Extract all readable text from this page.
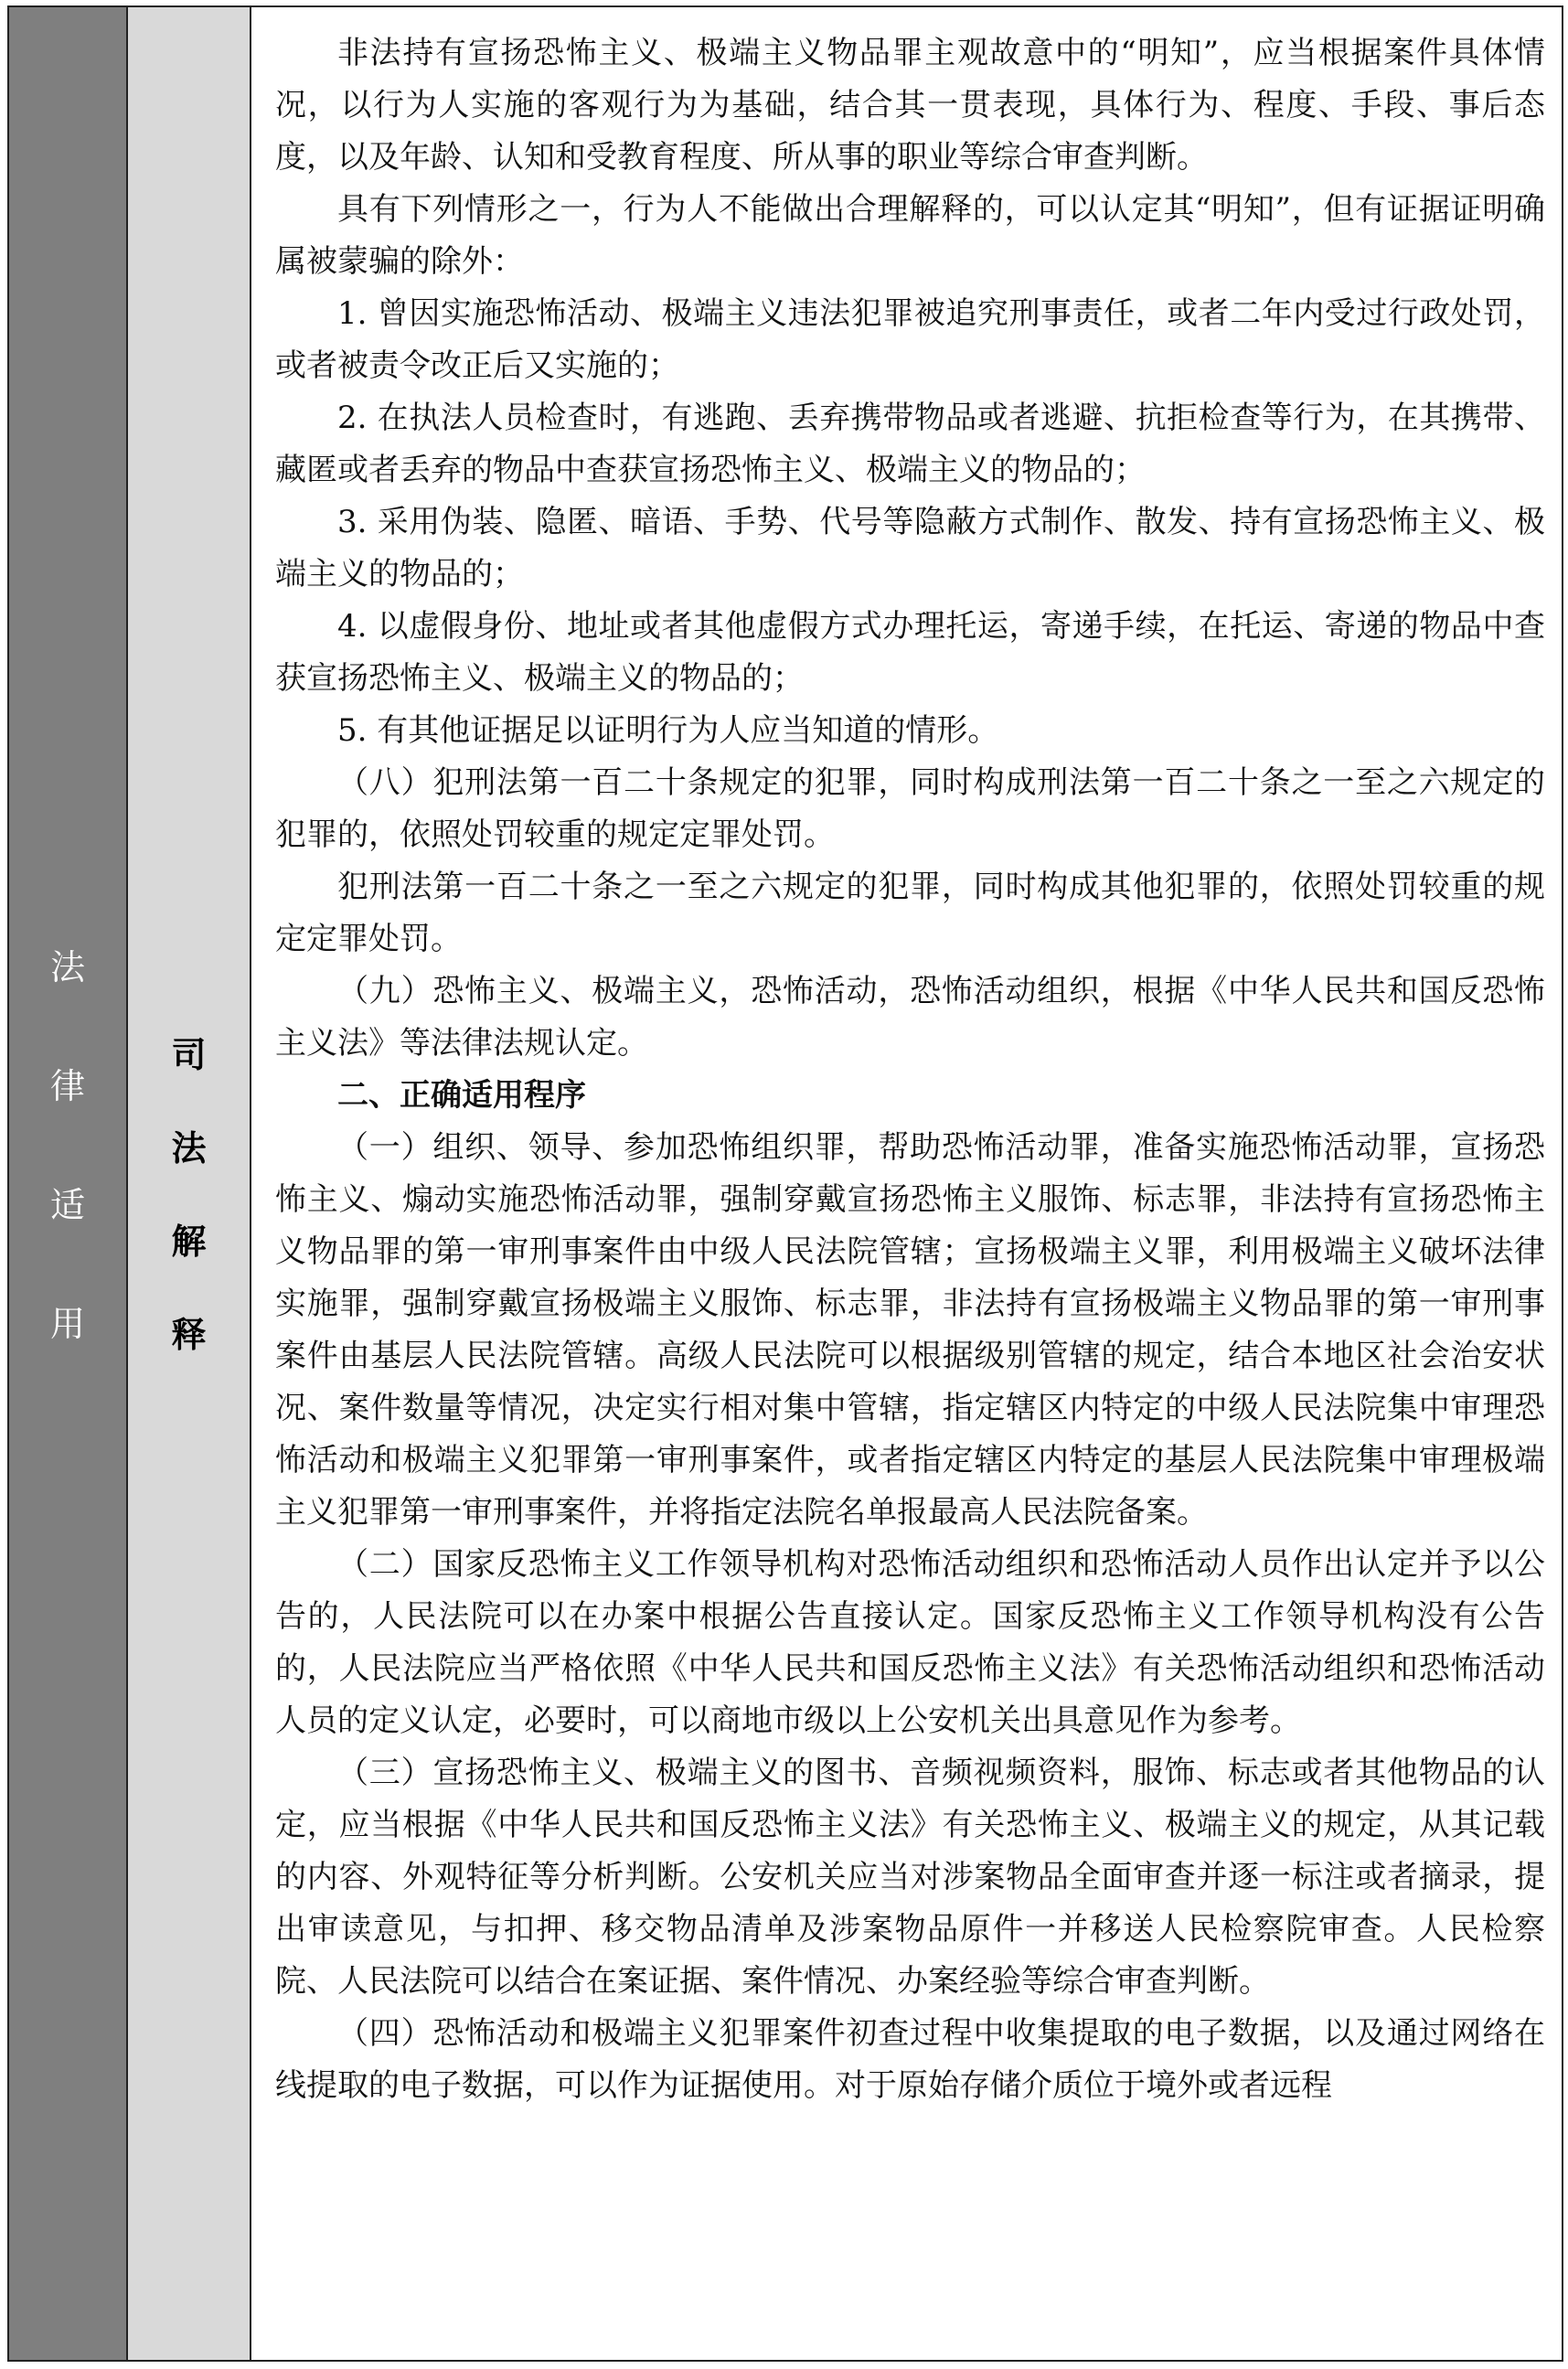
法
律
适
用
司
法
解
释

非法持有宣扬恐怖主义、极端主义物品罪主观故意中的“明知”，应当根据案件具体情况，以行为人实施的客观行为为基础，结合其一贯表现，具体行为、程度、手段、事后态度，以及年龄、认知和受教育程度、所从事的职业等综合审查判断。

具有下列情形之一，行为人不能做出合理解释的，可以认定其“明知”，但有证据证明确属被蒙骗的除外：

1. 曾因实施恐怖活动、极端主义违法犯罪被追究刑事责任，或者二年内受过行政处罚，或者被责令改正后又实施的；

2. 在执法人员检查时，有逃跑、丢弃携带物品或者逃避、抗拒检查等行为，在其携带、藏匿或者丢弃的物品中查获宣扬恐怖主义、极端主义的物品的；

3. 采用伪装、隐匿、暗语、手势、代号等隐蔽方式制作、散发、持有宣扬恐怖主义、极端主义的物品的；

4. 以虚假身份、地址或者其他虚假方式办理托运，寄递手续，在托运、寄递的物品中查获宣扬恐怖主义、极端主义的物品的；

5. 有其他证据足以证明行为人应当知道的情形。

（八）犯刑法第一百二十条规定的犯罪，同时构成刑法第一百二十条之一至之六规定的犯罪的，依照处罚较重的规定定罪处罚。

犯刑法第一百二十条之一至之六规定的犯罪，同时构成其他犯罪的，依照处罚较重的规定定罪处罚。

（九）恐怖主义、极端主义，恐怖活动，恐怖活动组织，根据《中华人民共和国反恐怖主义法》等法律法规认定。

二、正确适用程序

（一）组织、领导、参加恐怖组织罪，帮助恐怖活动罪，准备实施恐怖活动罪，宣扬恐怖主义、煽动实施恐怖活动罪，强制穿戴宣扬恐怖主义服饰、标志罪，非法持有宣扬恐怖主义物品罪的第一审刑事案件由中级人民法院管辖；宣扬极端主义罪，利用极端主义破坏法律实施罪，强制穿戴宣扬极端主义服饰、标志罪，非法持有宣扬极端主义物品罪的第一审刑事案件由基层人民法院管辖。高级人民法院可以根据级别管辖的规定，结合本地区社会治安状况、案件数量等情况，决定实行相对集中管辖，指定辖区内特定的中级人民法院集中审理恐怖活动和极端主义犯罪第一审刑事案件，或者指定辖区内特定的基层人民法院集中审理极端主义犯罪第一审刑事案件，并将指定法院名单报最高人民法院备案。

（二）国家反恐怖主义工作领导机构对恐怖活动组织和恐怖活动人员作出认定并予以公告的，人民法院可以在办案中根据公告直接认定。国家反恐怖主义工作领导机构没有公告的，人民法院应当严格依照《中华人民共和国反恐怖主义法》有关恐怖活动组织和恐怖活动人员的定义认定，必要时，可以商地市级以上公安机关出具意见作为参考。

（三）宣扬恐怖主义、极端主义的图书、音频视频资料，服饰、标志或者其他物品的认定，应当根据《中华人民共和国反恐怖主义法》有关恐怖主义、极端主义的规定，从其记载的内容、外观特征等分析判断。公安机关应当对涉案物品全面审查并逐一标注或者摘录，提出审读意见，与扣押、移交物品清单及涉案物品原件一并移送人民检察院审查。人民检察院、人民法院可以结合在案证据、案件情况、办案经验等综合审查判断。

（四）恐怖活动和极端主义犯罪案件初查过程中收集提取的电子数据，以及通过网络在线提取的电子数据，可以作为证据使用。对于原始存储介质位于境外或者远程
